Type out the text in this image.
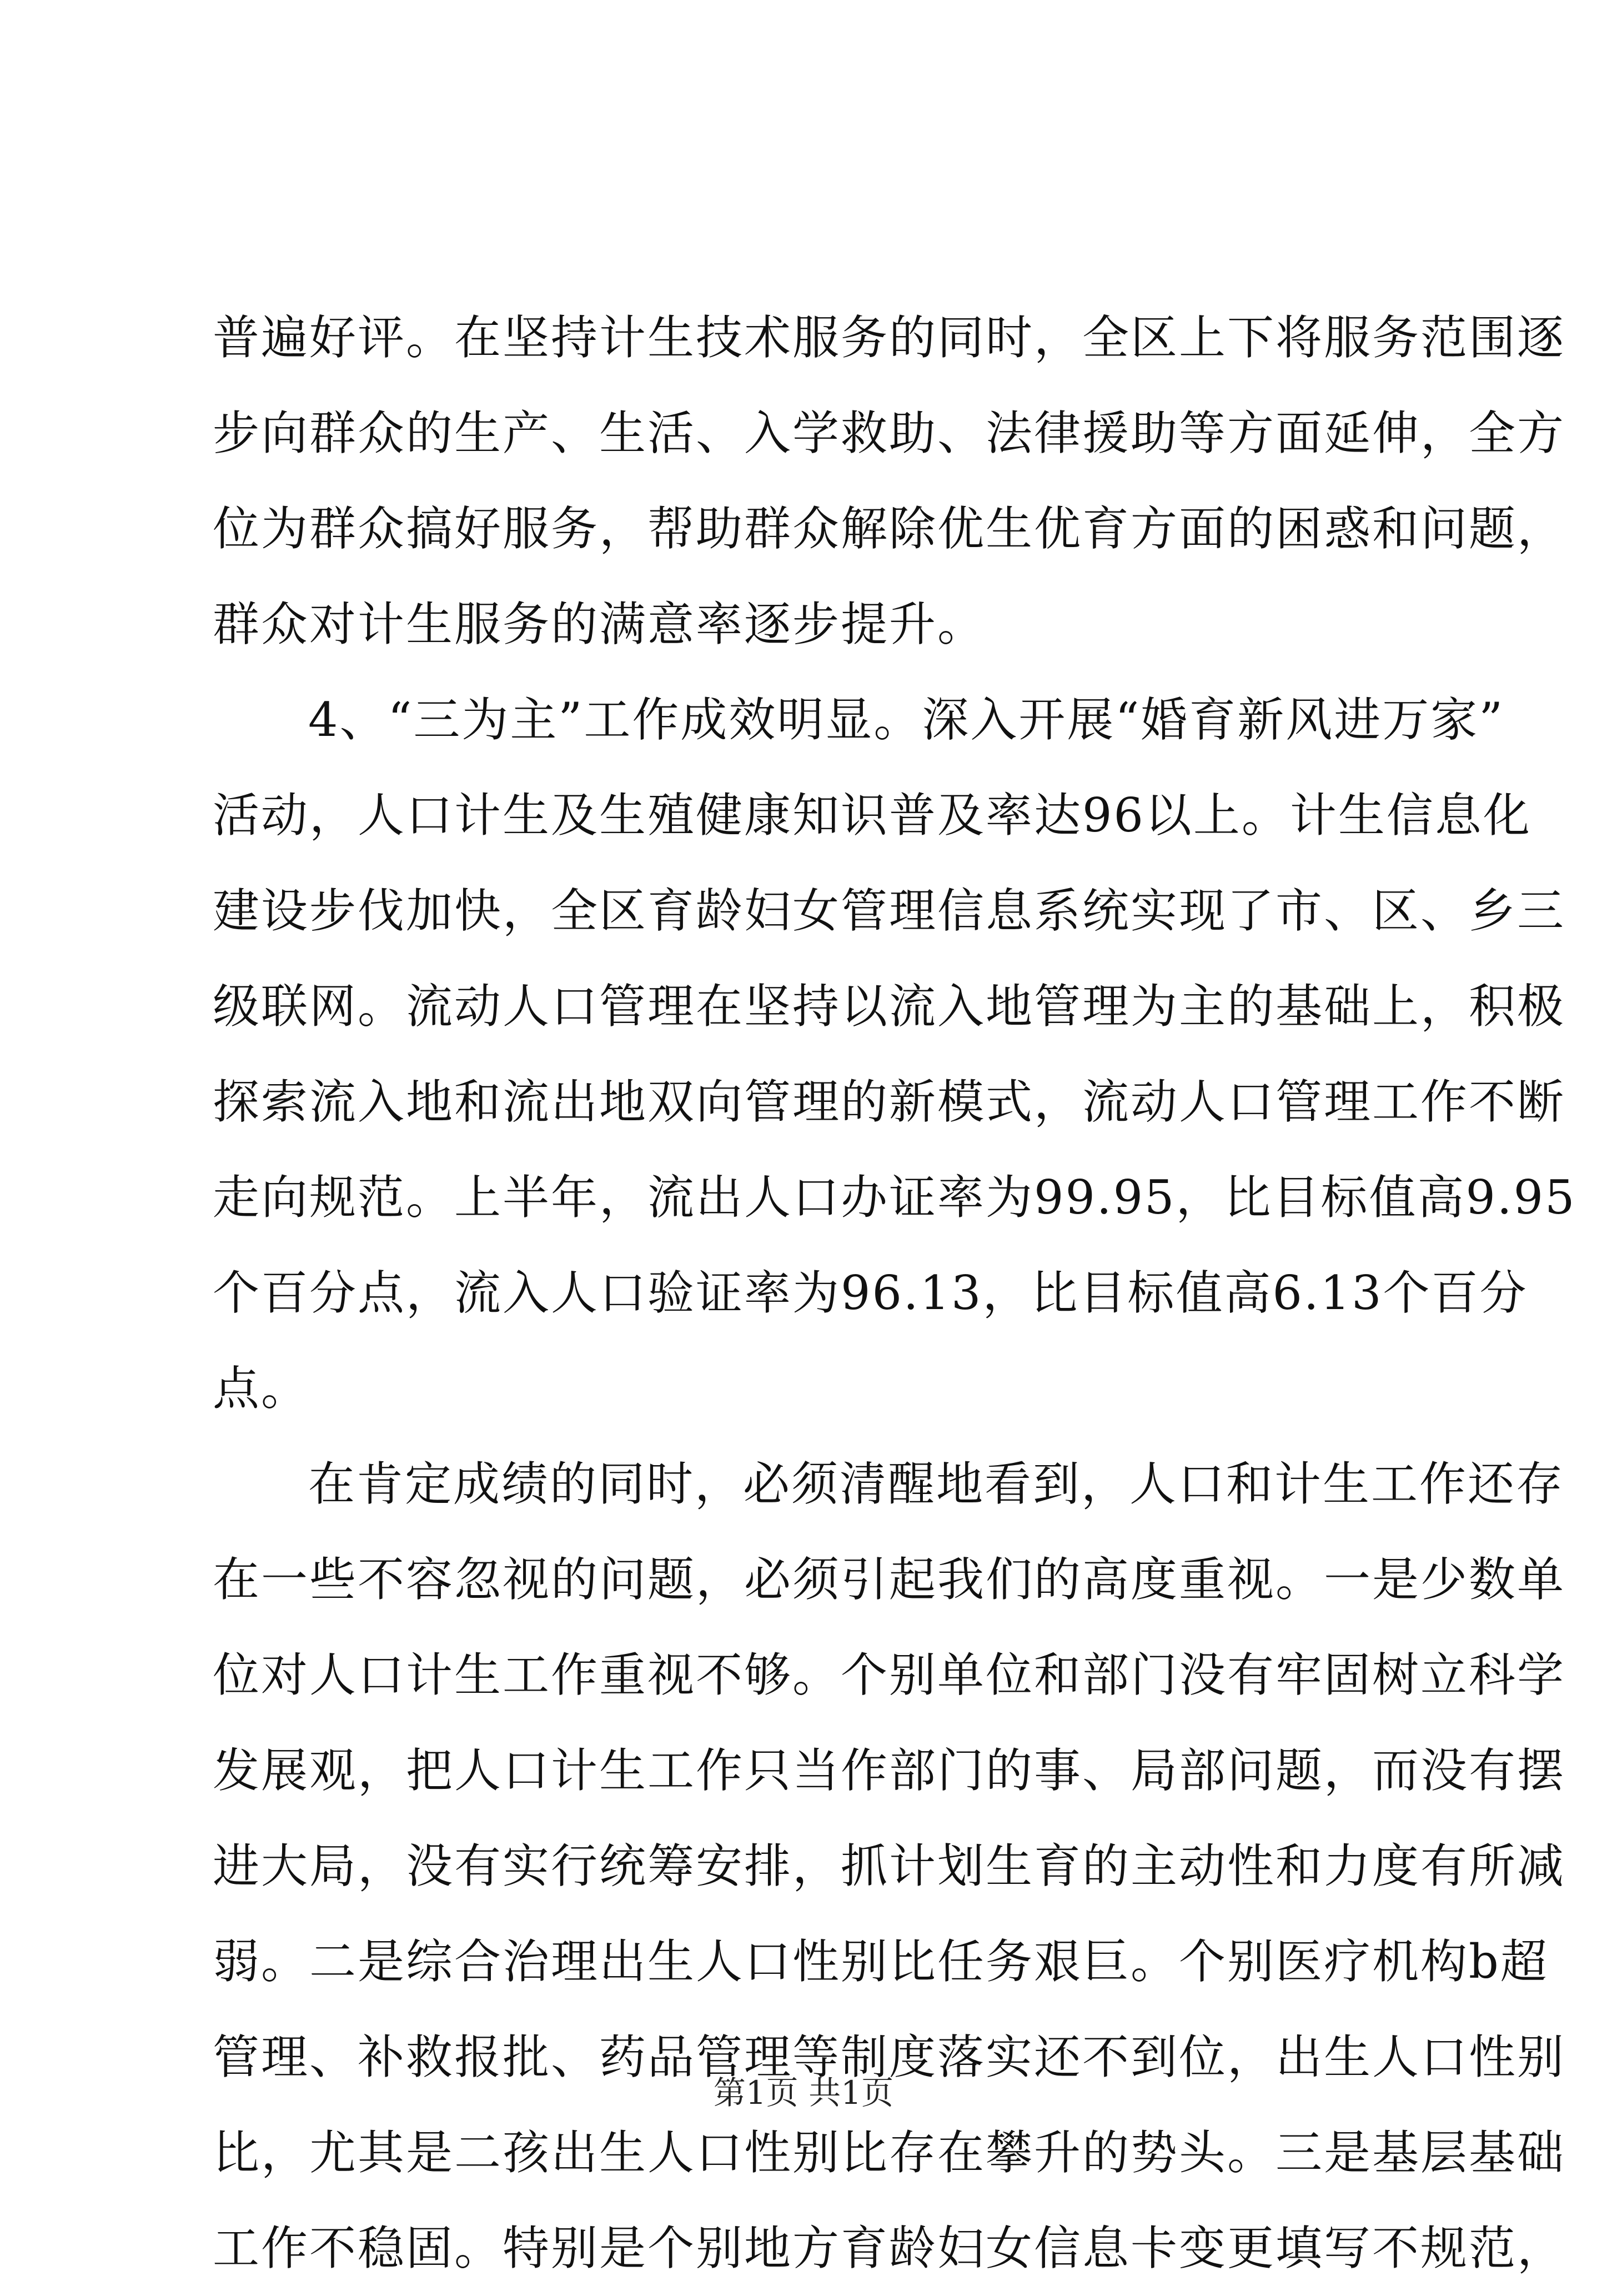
普遍好评。在坚持计生技术服务的同时，全区上下将服务范围逐
步向群众的生产、生活、入学救助、法律援助等方面延伸，全方
位为群众搞好服务，帮助群众解除优生优育方面的困惑和问题，
群众对计生服务的满意率逐步提升。
4、“三为主”工作成效明显。深入开展“婚育新风进万家”
活动，人口计生及生殖健康知识普及率达96以上。计生信息化
建设步伐加快，全区育龄妇女管理信息系统实现了市、区、乡三
级联网。流动人口管理在坚持以流入地管理为主的基础上，积极
探索流入地和流出地双向管理的新模式，流动人口管理工作不断
走向规范。上半年，流出人口办证率为99.95，比目标值高9.95
个百分点，流入人口验证率为96.13，比目标值高6.13个百分
点。
在肯定成绩的同时，必须清醒地看到，人口和计生工作还存
在一些不容忽视的问题，必须引起我们的高度重视。一是少数单
位对人口计生工作重视不够。个别单位和部门没有牢固树立科学
发展观，把人口计生工作只当作部门的事、局部问题，而没有摆
进大局，没有实行统筹安排，抓计划生育的主动性和力度有所减
弱。二是综合治理出生人口性别比任务艰巨。个别医疗机构b超
管理、补救报批、药品管理等制度落实还不到位，出生人口性别
比，尤其是二孩出生人口性别比存在攀升的势头。三是基层基础
工作不稳固。特别是个别地方育龄妇女信息卡变更填写不规范，
第1页 共1页
